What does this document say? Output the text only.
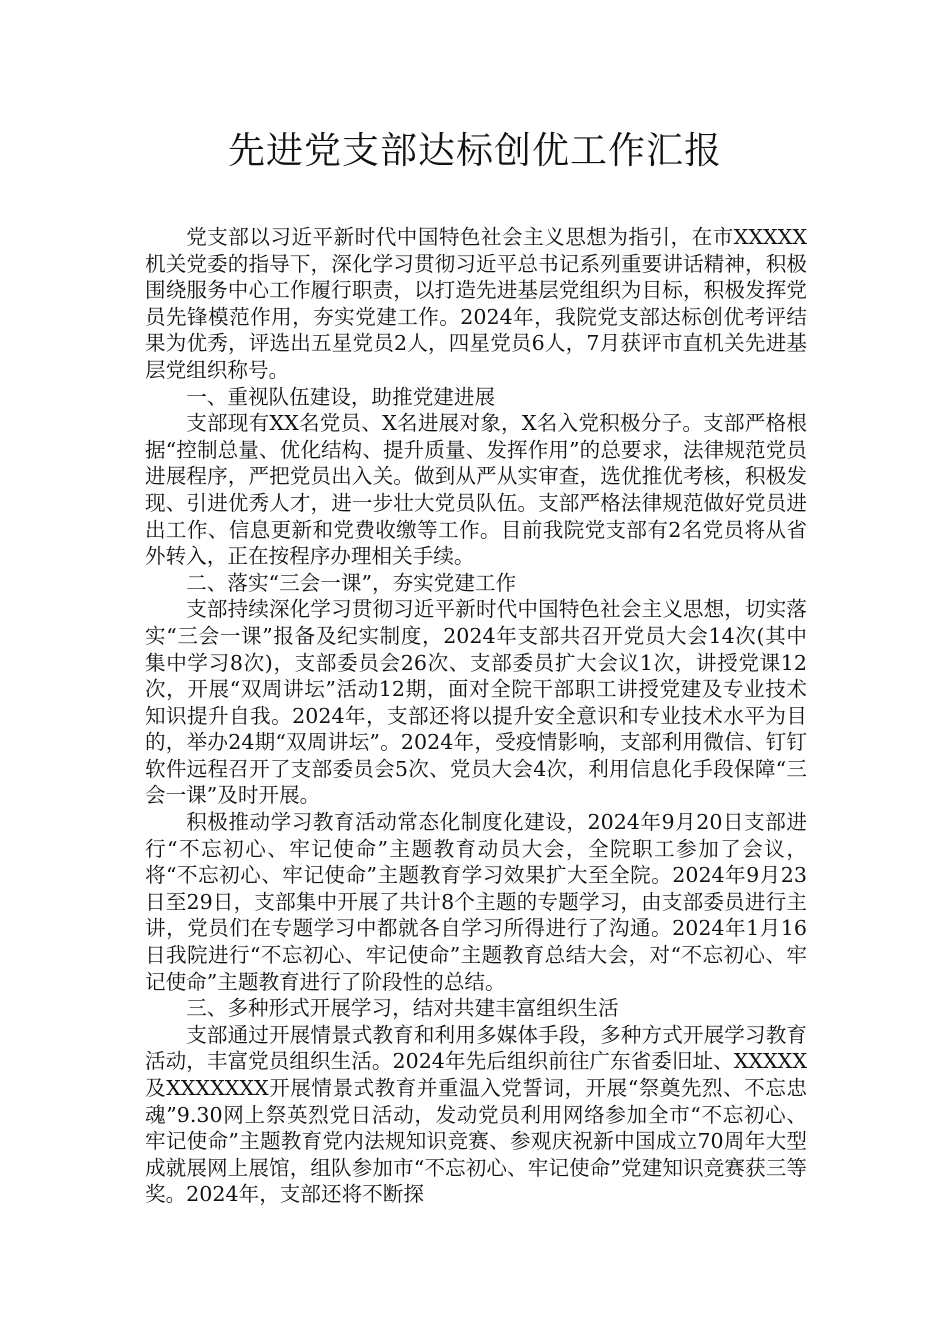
先进党支部达标创优工作汇报

党支部以习近平新时代中国特色社会主义思想为指引，在市XXXXX机关党委的指导下，深化学习贯彻习近平总书记系列重要讲话精神，积极围绕服务中心工作履行职责，以打造先进基层党组织为目标，积极发挥党员先锋模范作用，夯实党建工作。2024年，我院党支部达标创优考评结果为优秀，评选出五星党员2人，四星党员6人，7月获评市直机关先进基层党组织称号。

一、重视队伍建设，助推党建进展

支部现有XX名党员、X名进展对象，X名入党积极分子。支部严格根据“控制总量、优化结构、提升质量、发挥作用”的总要求，法律规范党员进展程序，严把党员出入关。做到从严从实审查，选优推优考核，积极发现、引进优秀人才，进一步壮大党员队伍。支部严格法律规范做好党员进出工作、信息更新和党费收缴等工作。目前我院党支部有2名党员将从省外转入，正在按程序办理相关手续。

二、落实“三会一课”，夯实党建工作

支部持续深化学习贯彻习近平新时代中国特色社会主义思想，切实落实“三会一课”报备及纪实制度，2024年支部共召开党员大会14次(其中集中学习8次)，支部委员会26次、支部委员扩大会议1次，讲授党课12次，开展“双周讲坛”活动12期，面对全院干部职工讲授党建及专业技术知识提升自我。2024年，支部还将以提升安全意识和专业技术水平为目的，举办24期“双周讲坛”。2024年，受疫情影响，支部利用微信、钉钉软件远程召开了支部委员会5次、党员大会4次，利用信息化手段保障“三会一课”及时开展。

积极推动学习教育活动常态化制度化建设，2024年9月20日支部进行“不忘初心、牢记使命”主题教育动员大会，全院职工参加了会议，将“不忘初心、牢记使命”主题教育学习效果扩大至全院。2024年9月23日至29日，支部集中开展了共计8个主题的专题学习，由支部委员进行主讲，党员们在专题学习中都就各自学习所得进行了沟通。2024年1月16日我院进行“不忘初心、牢记使命”主题教育总结大会，对“不忘初心、牢记使命”主题教育进行了阶段性的总结。

三、多种形式开展学习，结对共建丰富组织生活

支部通过开展情景式教育和利用多媒体手段，多种方式开展学习教育活动，丰富党员组织生活。2024年先后组织前往广东省委旧址、XXXXX及XXXXXXX开展情景式教育并重温入党誓词，开展“祭奠先烈、不忘忠魂”9.30网上祭英烈党日活动，发动党员利用网络参加全市“不忘初心、牢记使命”主题教育党内法规知识竞赛、参观庆祝新中国成立70周年大型成就展网上展馆，组队参加市“不忘初心、牢记使命”党建知识竞赛获三等奖。2024年，支部还将不断探
